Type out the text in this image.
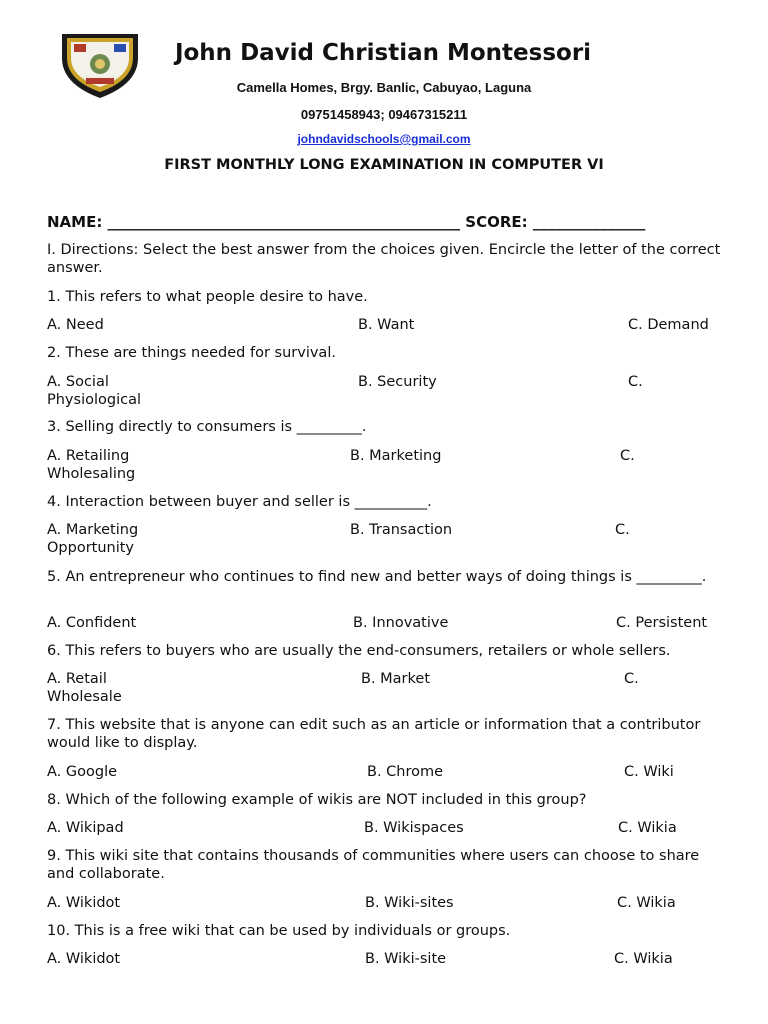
John David Christian Montessori
Camella Homes, Brgy. Banlic, Cabuyao, Laguna
09751458943; 09467315211
johndavidschools@gmail.com
FIRST MONTHLY LONG EXAMINATION IN COMPUTER VI
NAME: _______________________________________________ SCORE: _______________
I. Directions: Select the best answer from the choices given. Encircle the letter of the correct answer.
1. This refers to what people desire to have.
A. Need	B. Want	C. Demand
2. These are things needed for survival.
A. Social	B. Security	C.
Physiological
3. Selling directly to consumers is _________.
A. Retailing	B. Marketing	C.
Wholesaling
4. Interaction between buyer and seller is __________.
A. Marketing	B. Transaction	C.
Opportunity
5. An entrepreneur who continues to find new and better ways of doing things is _________.
A. Confident	B. Innovative	C. Persistent
6. This refers to buyers who are usually the end-consumers, retailers or whole sellers.
A. Retail	B. Market	C.
Wholesale
7. This website that is anyone can edit such as an article or information that a contributor would like to display.
A. Google	B. Chrome	C. Wiki
8. Which of the following example of wikis are NOT included in this group?
A. Wikipad	B. Wikispaces	C. Wikia
9. This wiki site that contains thousands of communities where users can choose to share and collaborate.
A. Wikidot	B. Wiki-sites	C. Wikia
10. This is a free wiki that can be used by individuals or groups.
A. Wikidot	B. Wiki-site	C. Wikia
